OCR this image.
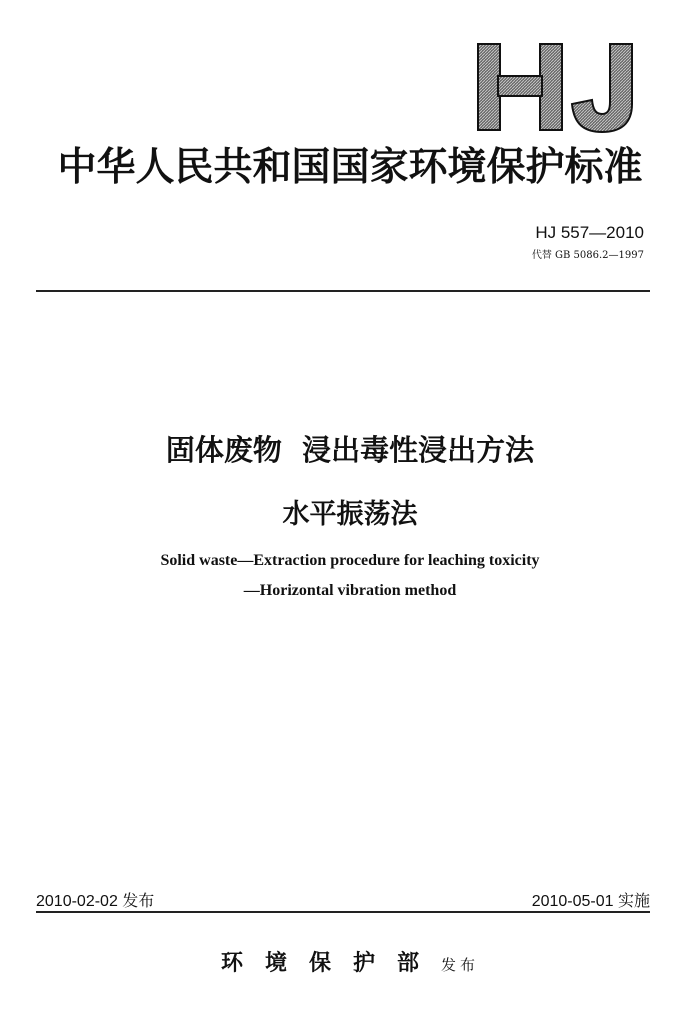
中华人民共和国国家环境保护标准
HJ 557—2010
代替 GB 5086.2—1997
固体废物  浸出毒性浸出方法
水平振荡法
Solid waste—Extraction procedure for leaching toxicity
—Horizontal vibration method
2010-02-02 发布	2010-05-01 实施
环境保护部发布
